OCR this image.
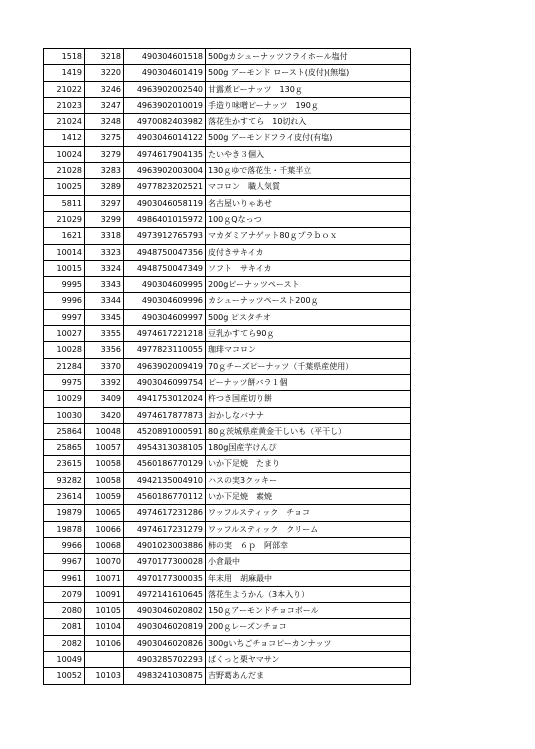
1518	3218	490304601518	500gカシューナッツフライホール塩付
1419	3220	490304601419	500g アーモンド ロースト(皮付)(無塩)
21022	3246	4963902002540	甘露煮ピーナッツ　130ｇ
21023	3247	4963902010019	手造り味噌ピーナッツ　190ｇ
21024	3248	4970082403982	落花生かすてら　10切れ入
1412	3275	4903046014122	500g アーモンドフライ皮付(有塩)
10024	3279	4974617904135	たいやき３個入
21028	3283	4963902003004	130ｇゆで落花生・千葉半立
10025	3289	4977823202521	マコロン　職人気質
5811	3297	4903046058119	名古屋いりゃあせ
21029	3299	4986401015972	100ｇQなっつ
1621	3318	4973912765793	マカダミアナゲット80ｇプラｂｏｘ
10014	3323	4948750047356	皮付きサキイカ
10015	3324	4948750047349	ソフト　サキイカ
9995	3343	490304609995	200gピーナッツペースト
9996	3344	490304609996	カシューナッツペースト200ｇ
9997	3345	490304609997	500g ピスタチオ
10027	3355	4974617221218	豆乳かすてら90ｇ
10028	3356	4977823110055	珈琲マコロン
21284	3370	4963902009419	70ｇチーズピーナッツ（千葉県産使用）
9975	3392	4903046099754	ピーナッツ餅バラ１個
10029	3409	4941753012024	杵つき国産切り餅
10030	3420	4974617877873	おかしなバナナ
25864	10048	4520891000591	80ｇ茨城県産黄金干しいも（平干し）
25865	10057	4954313038105	180g国産芋けんぴ
23615	10058	4560186770129	いか下足焼　たまり
93282	10058	4942135004910	ハスの実3クッキー
23614	10059	4560186770112	いか下足焼　素焼
19879	10065	4974617231286	ワッフルスティック　チョコ
19878	10066	4974617231279	ワッフルスティック　クリーム
9966	10068	4901023003886	柿の実　６ｐ　阿部幸
9967	10070	4970177300028	小倉最中
9961	10071	4970177300035	年末用　胡麻最中
2079	10091	4972141610645	落花生ようかん（3本入り）
2080	10105	4903046020802	150ｇアーモンドチョコボール
2081	10104	4903046020819	200ｇレーズンチョコ
2082	10106	4903046020826	300gいちごチョコピーカンナッツ
10049		4903285702293	ぱくっと栗ヤマサン
10052	10103	4983241030875	吉野葛あんだま
